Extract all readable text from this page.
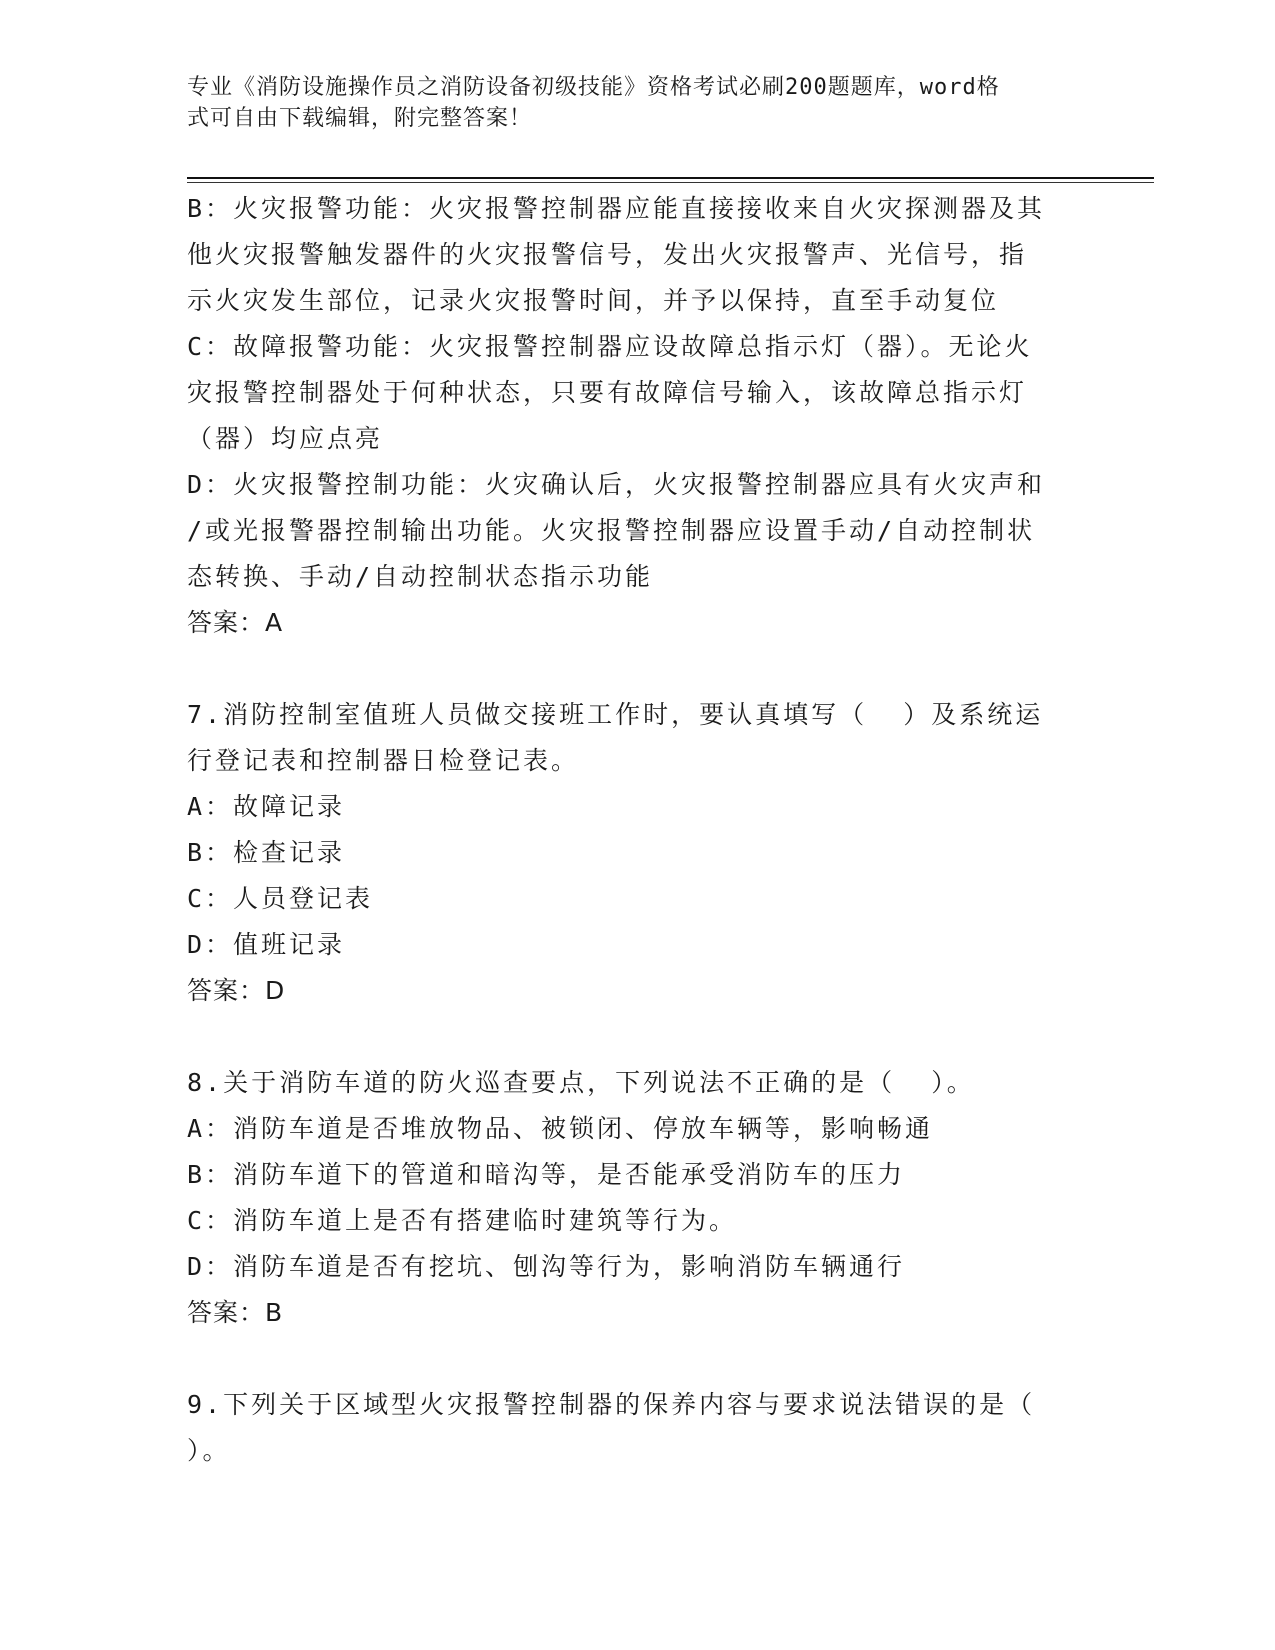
专业《消防设施操作员之消防设备初级技能》资格考试必刷200题题库，word格
式可自由下载编辑，附完整答案！
B：火灾报警功能：火灾报警控制器应能直接接收来自火灾探测器及其
他火灾报警触发器件的火灾报警信号，发出火灾报警声、光信号，指
示火灾发生部位，记录火灾报警时间，并予以保持，直至手动复位
C：故障报警功能：火灾报警控制器应设故障总指示灯（器）。无论火
灾报警控制器处于何种状态，只要有故障信号输入，该故障总指示灯
（器）均应点亮
D：火灾报警控制功能：火灾确认后，火灾报警控制器应具有火灾声和
/或光报警器控制输出功能。火灾报警控制器应设置手动/自动控制状
态转换、手动/自动控制状态指示功能
答案：A
7.消防控制室值班人员做交接班工作时，要认真填写（  ）及系统运
行登记表和控制器日检登记表。
A：故障记录
B：检查记录
C：人员登记表
D：值班记录
答案：D
8.关于消防车道的防火巡查要点，下列说法不正确的是（  ）。
A：消防车道是否堆放物品、被锁闭、停放车辆等，影响畅通
B：消防车道下的管道和暗沟等，是否能承受消防车的压力
C：消防车道上是否有搭建临时建筑等行为。
D：消防车道是否有挖坑、刨沟等行为，影响消防车辆通行
答案：B
9.下列关于区域型火灾报警控制器的保养内容与要求说法错误的是（
）。
